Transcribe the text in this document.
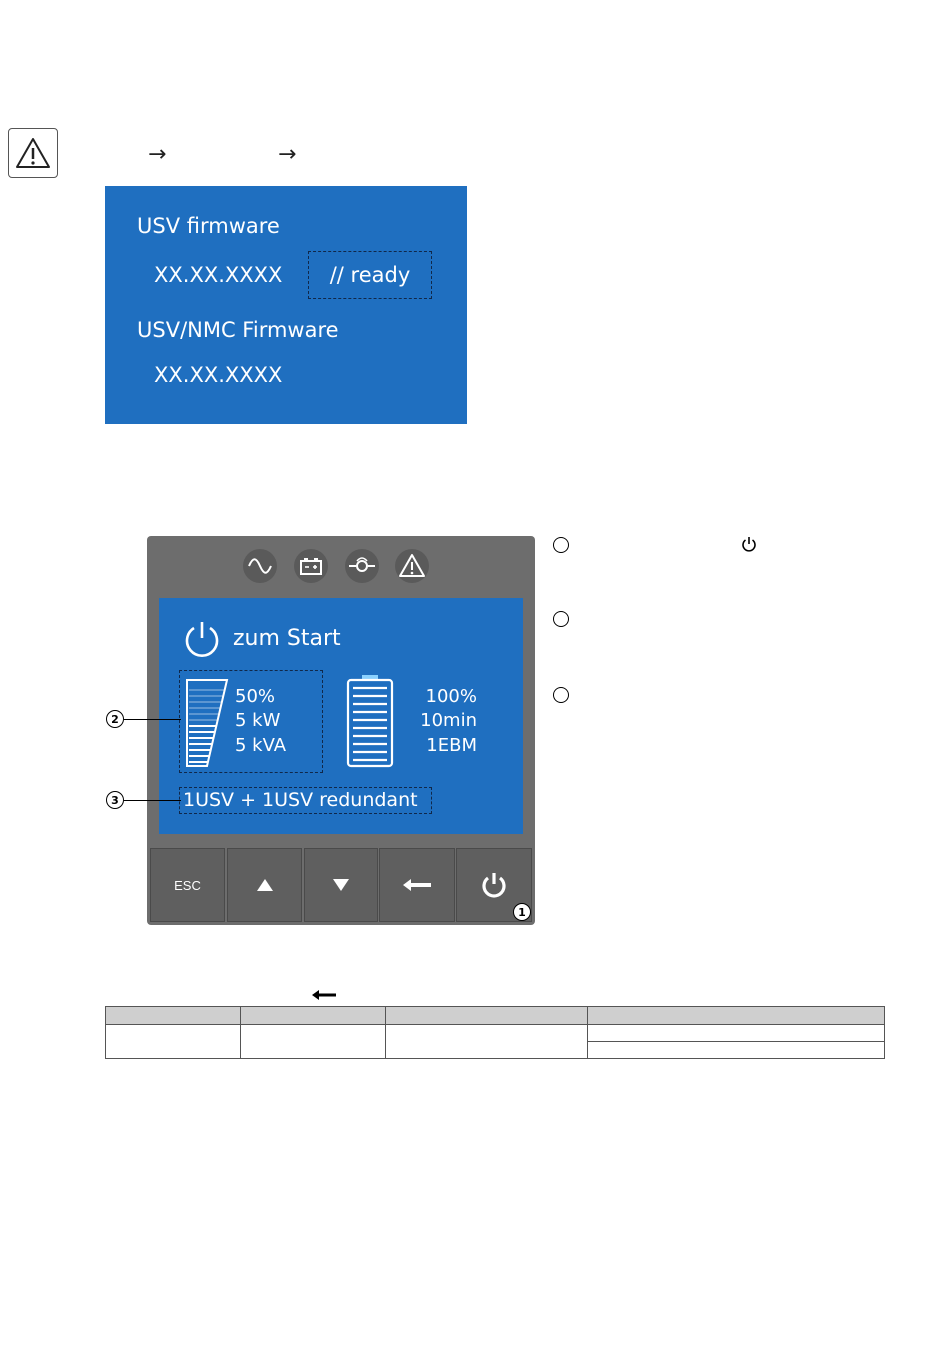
→	→
USV firmware
XX.XX.XXXX // ready
USV/NMC Firmware
XX.XX.XXXX
zum Start
50%
5 kW
5 kVA
100%
10min
1EBM
1USV + 1USV redundant
ESC
1
2
3
